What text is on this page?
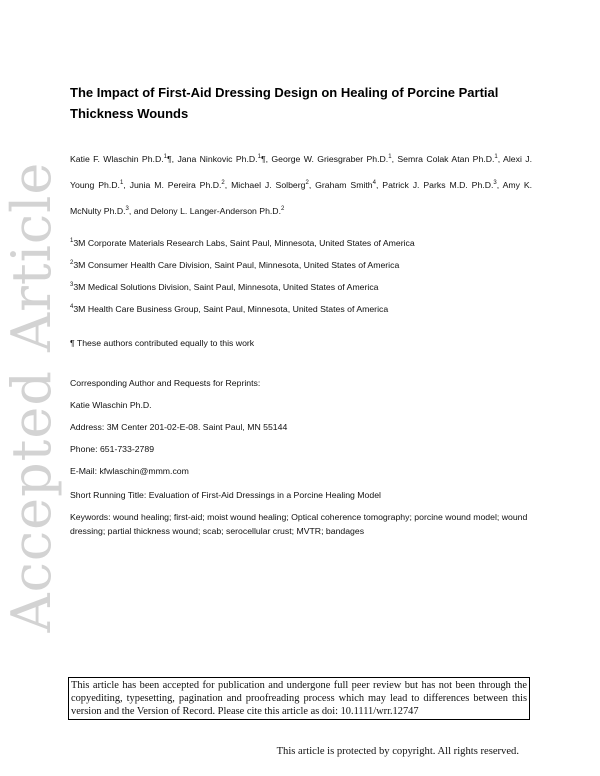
Accepted Article
The Impact of First-Aid Dressing Design on Healing of Porcine Partial Thickness Wounds
Katie F. Wlaschin Ph.D.$^1$¶, Jana Ninkovic Ph.D.$^1$¶, George W. Griesgraber Ph.D.$^1$, Semra Colak Atan Ph.D.$^1$, Alexi J. Young Ph.D.$^1$, Junia M. Pereira Ph.D.$^2$, Michael J. Solberg$^2$, Graham Smith$^4$, Patrick J. Parks M.D. Ph.D.$^3$, Amy K. McNulty Ph.D.$^3$, and Delony L. Langer-Anderson Ph.D.$^2$
$^1$3M Corporate Materials Research Labs, Saint Paul, Minnesota, United States of America
$^2$3M Consumer Health Care Division, Saint Paul, Minnesota, United States of America
$^3$3M Medical Solutions Division, Saint Paul, Minnesota, United States of America
$^4$3M Health Care Business Group, Saint Paul, Minnesota, United States of America
¶ These authors contributed equally to this work
Corresponding Author and Requests for Reprints:
Katie Wlaschin Ph.D.
Address: 3M Center 201-02-E-08. Saint Paul, MN 55144
Phone: 651-733-2789
E-Mail: kfwlaschin@mmm.com
Short Running Title: Evaluation of First-Aid Dressings in a Porcine Healing Model
Keywords: wound healing; first-aid; moist wound healing; Optical coherence tomography; porcine wound model; wound dressing; partial thickness wound; scab; serocellular crust; MVTR; bandages
This article has been accepted for publication and undergone full peer review but has not been through the copyediting, typesetting, pagination and proofreading process which may lead to differences between this version and the Version of Record. Please cite this article as doi: 10.1111/wrr.12747
This article is protected by copyright. All rights reserved.
